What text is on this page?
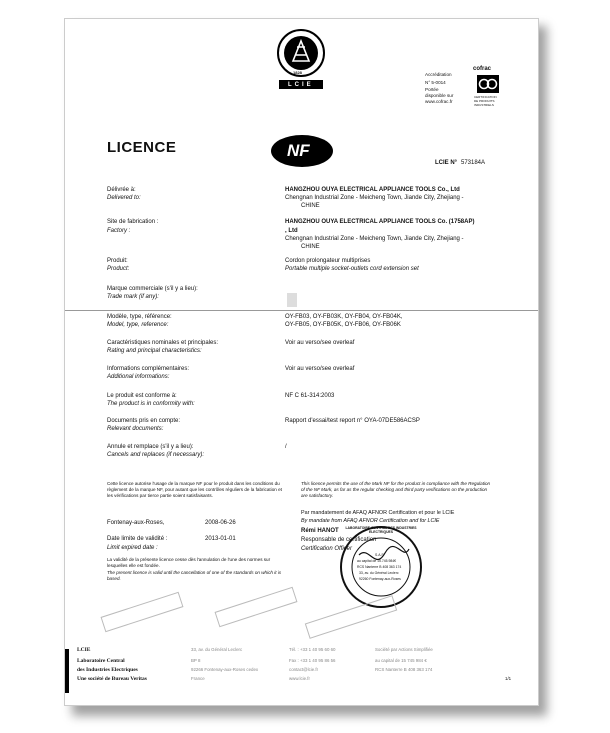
1828
LCIE
Accréditation
N° 5-0014
Portée
disponible sur
www.cofrac.fr
cofrac
CERTIFICATION
DE PRODUITS
INDUSTRIELS
LICENCE	NF
LCIE N° 573184A
Délivrée à:
Delivered to:
HANGZHOU OUYA ELECTRICAL APPLIANCE TOOLS Co., Ltd
Chengnan Industrial Zone - Meicheng Town, Jiande City, Zhejiang -
CHINE
Site de fabrication :
Factory :
HANGZHOU OUYA ELECTRICAL APPLIANCE TOOLS Co. (1758AP)
, Ltd
Chengnan Industrial Zone - Meicheng Town, Jiande City, Zhejiang -
CHINE
Produit:
Product:
Cordon prolongateur multiprises
Portable multiple socket-outlets cord extension set
Marque commerciale (s'il y a lieu):
Trade mark (if any):
Modèle, type, référence:
Model, type, reference:
OY-FB03, OY-FB03K, OY-FB04, OY-FB04K,
OY-FB05, OY-FB05K, OY-FB06, OY-FB06K
Caractéristiques nominales et principales:
Rating and principal characteristics:
Voir au verso/see overleaf
Informations complémentaires:
Additional informations:
Voir au verso/see overleaf
Le produit est conforme à:
The product is in conformity with:
NF C 61-314:2003
Documents pris en compte:
Relevant documents:
Rapport d'essai/test report n° OYA-07DE586ACSP
Annule et remplace (s'il y a lieu):
Cancels and replaces (if necessary):
/
Cette licence autorise l'usage de la marque NF pour le produit dans les conditions du règlement de la marque NF, pour autant que les contrôles réguliers de la fabrication et les vérifications par tierce partie soient satisfaisants.
This licence permits the use of the Mark NF for the product in compliance with the Regulation of the NF Mark, as far as the regular checking and third party verifications on the production are satisfactory.
Fontenay-aux-Roses,	2008-06-26
Date limite de validité :	2013-01-01
Limit expired date :
La validité de la présente licence cesse dès l'annulation de l'une des normes sur lesquelles elle est fondée.
The present licence is valid until the cancellation of one of the standards on which it is based.
Par mandatement de AFAQ AFNOR Certification et pour le LCIE
By mandate from AFAQ AFNOR Certification and for LCIE
Rémi HANOT
Responsable de certification
Certification Officer
LABORATOIRE CENTRAL DES INDUSTRIES ELECTRIQUES
S.A.S
au capital de 15.745.984€
RCS Nanterre B 408 363 174
33, av. du Général Leclerc
92260 Fontenay-aux-Roses
LCIE
Laboratoire Central
des Industries Electriques
Une société de Bureau Veritas
33, av. du Général Leclerc
BP 8
92266 Fontenay-aux-Roses cedex
France
Tél. : +33 1 40 95 60 60
Fax : +33 1 40 95 86 56
contact@lcie.fr
www.lcie.fr
Société par Actions Simplifiée
au capital de 15 745 984 €
RCS Nanterre B 408 363 174
1/1
